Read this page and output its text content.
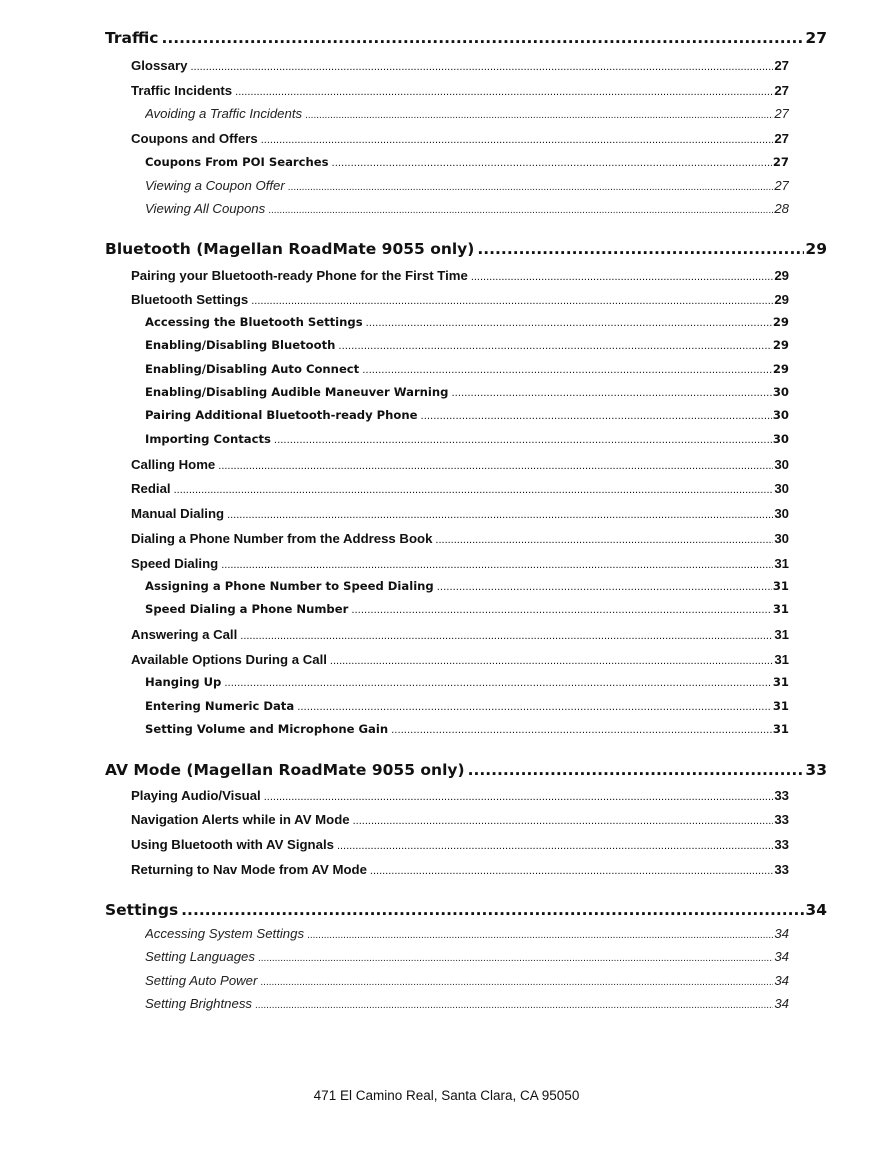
Traffic .....	27
Glossary .....	27
Traffic Incidents .....	27
Avoiding a Traffic Incidents .....	27
Coupons and Offers .....	27
Coupons From POI Searches .....	27
Viewing a Coupon Offer .....	27
Viewing All Coupons .....	28
Bluetooth (Magellan RoadMate 9055 only) .....	29
Pairing your Bluetooth-ready Phone for the First Time .....	29
Bluetooth Settings .....	29
Accessing the Bluetooth Settings .....	29
Enabling/Disabling Bluetooth .....	29
Enabling/Disabling Auto Connect .....	29
Enabling/Disabling Audible Maneuver Warning .....	30
Pairing Additional Bluetooth-ready Phone .....	30
Importing Contacts .....	30
Calling Home .....	30
Redial .....	30
Manual Dialing .....	30
Dialing a Phone Number from the Address Book .....	30
Speed Dialing .....	31
Assigning a Phone Number to Speed Dialing .....	31
Speed Dialing a Phone Number .....	31
Answering a Call .....	31
Available Options During a Call .....	31
Hanging Up .....	31
Entering Numeric Data .....	31
Setting Volume and Microphone Gain .....	31
AV Mode (Magellan RoadMate 9055 only) .....	33
Playing Audio/Visual .....	33
Navigation Alerts while in AV Mode .....	33
Using Bluetooth with AV Signals .....	33
Returning to Nav Mode from AV Mode .....	33
Settings .....	34
Accessing System Settings .....	34
Setting Languages .....	34
Setting Auto Power .....	34
Setting Brightness .....	34
471 El Camino Real, Santa Clara, CA 95050
